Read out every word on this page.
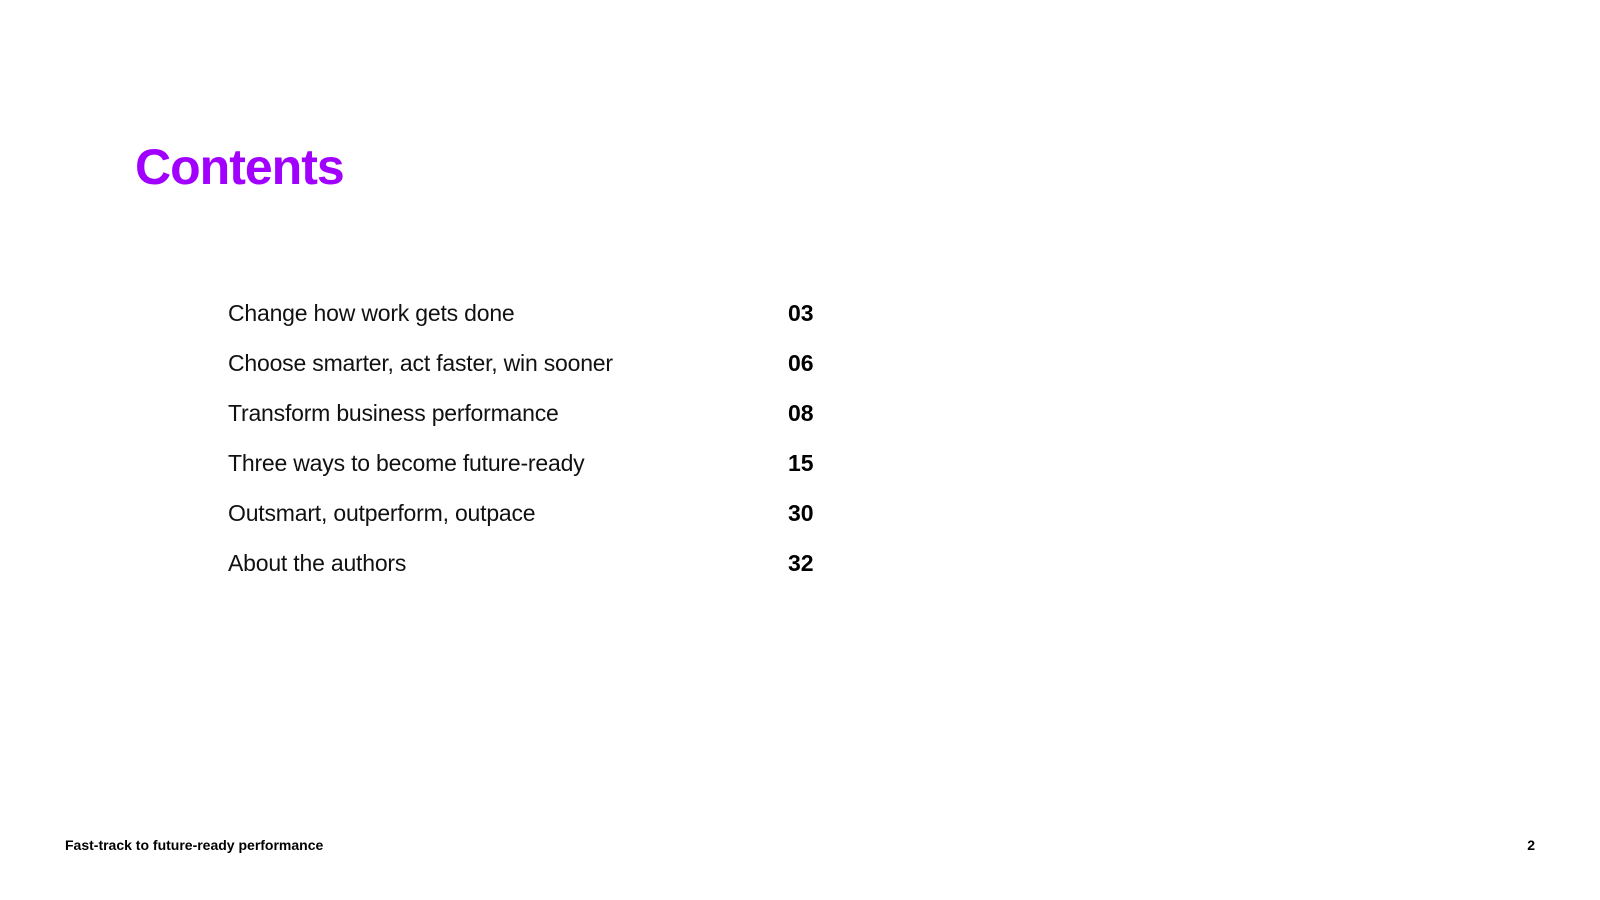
Contents
Change how work gets done	03
Choose smarter, act faster, win sooner	06
Transform business performance	08
Three ways to become future-ready	15
Outsmart, outperform, outpace	30
About the authors	32
Fast-track to future-ready performance	2
